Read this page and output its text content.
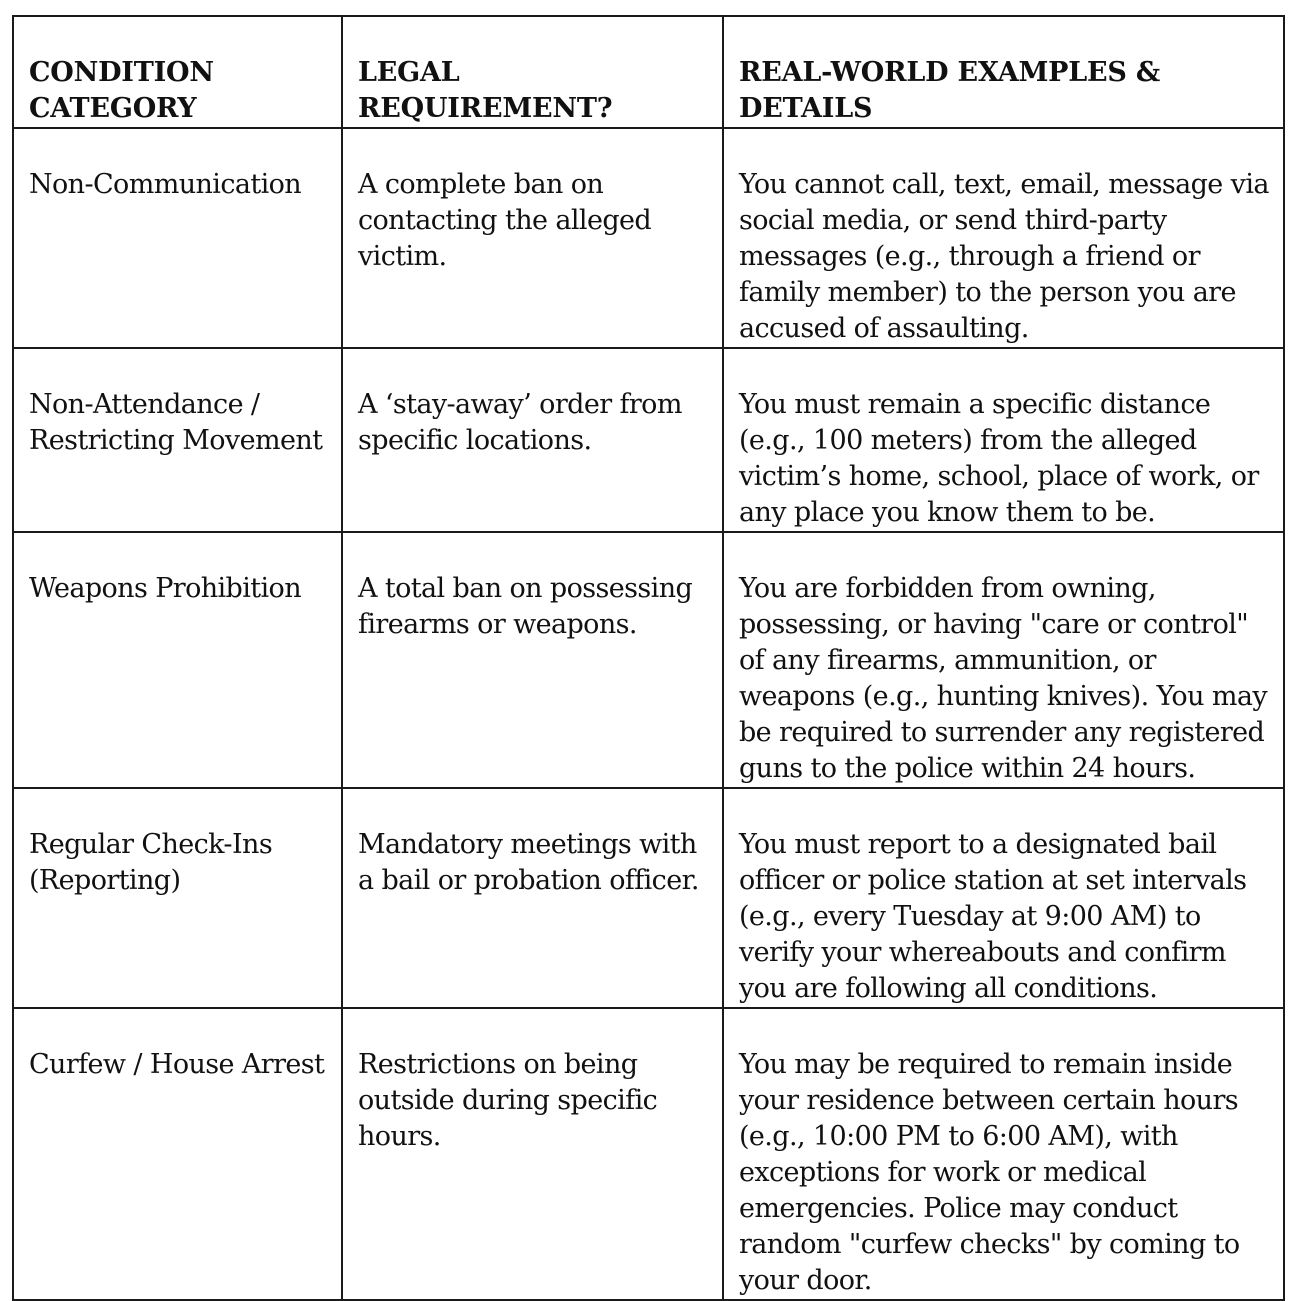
CONDITION CATEGORY	LEGAL REQUIREMENT?	REAL-WORLD EXAMPLES & DETAILS
Non-Communication	A complete ban on contacting the alleged victim.	You cannot call, text, email, message via social media, or send third-party messages (e.g., through a friend or family member) to the person you are accused of assaulting.
Non-Attendance / Restricting Movement	A ‘stay-away’ order from specific locations.	You must remain a specific distance (e.g., 100 meters) from the alleged victim’s home, school, place of work, or any place you know them to be.
Weapons Prohibition	A total ban on possessing firearms or weapons.	You are forbidden from owning, possessing, or having "care or control" of any firearms, ammunition, or weapons (e.g., hunting knives). You may be required to surrender any registered guns to the police within 24 hours.
Regular Check-Ins (Reporting)	Mandatory meetings with a bail or probation officer.	You must report to a designated bail officer or police station at set intervals (e.g., every Tuesday at 9:00 AM) to verify your whereabouts and confirm you are following all conditions.
Curfew / House Arrest	Restrictions on being outside during specific hours.	You may be required to remain inside your residence between certain hours (e.g., 10:00 PM to 6:00 AM), with exceptions for work or medical emergencies. Police may conduct random "curfew checks" by coming to your door.
